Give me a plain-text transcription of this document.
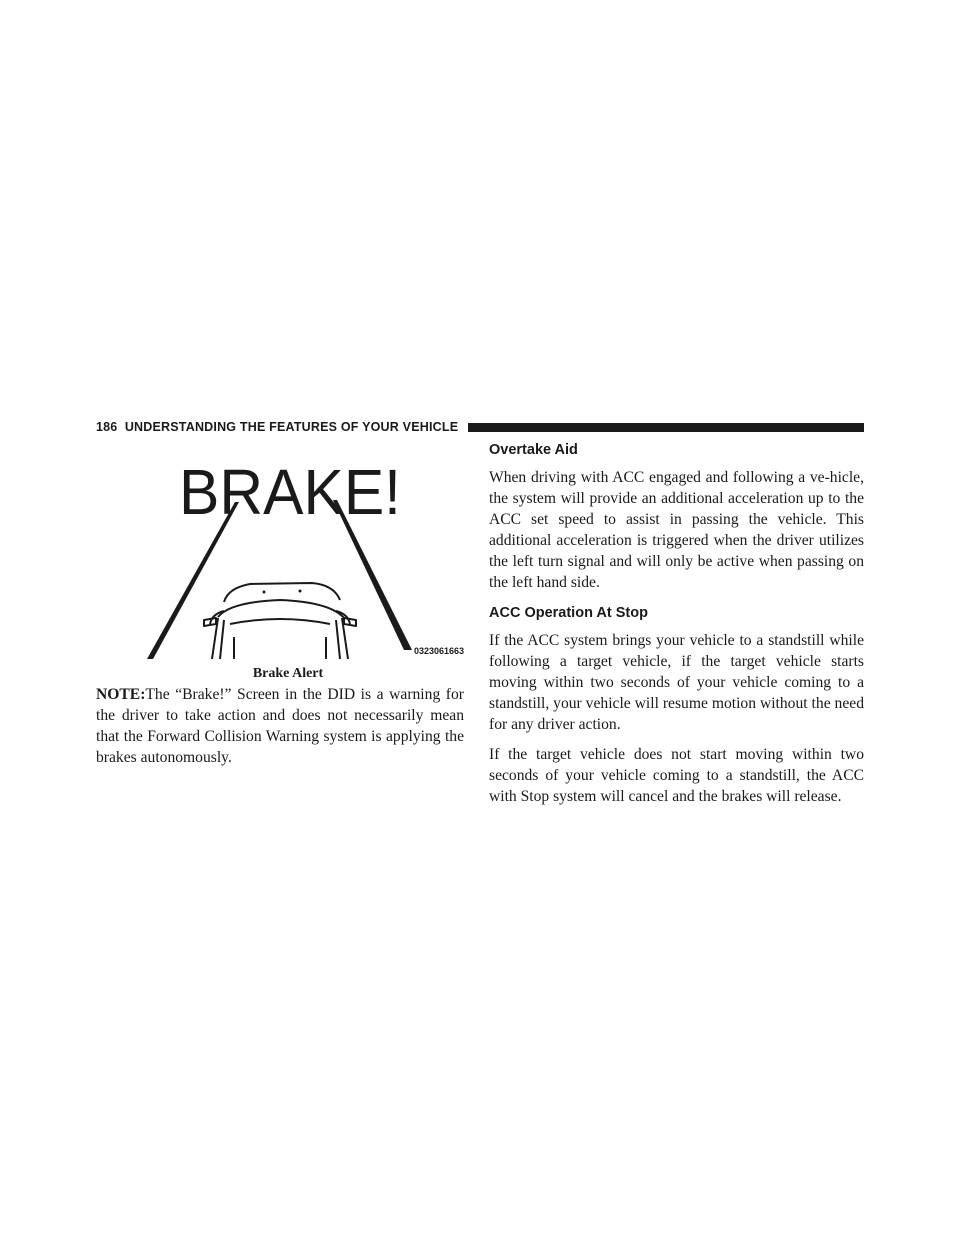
186 UNDERSTANDING THE FEATURES OF YOUR VEHICLE
BRAKE!
0323061663
Brake Alert

NOTE:The “Brake!” Screen in the DID is a warning for the driver to take action and does not necessarily mean that the Forward Collision Warning system is applying the brakes autonomously.

Overtake Aid

When driving with ACC engaged and following a ve-hicle, the system will provide an additional acceleration up to the ACC set speed to assist in passing the vehicle. This additional acceleration is triggered when the driver utilizes the left turn signal and will only be active when passing on the left hand side.

ACC Operation At Stop

If the ACC system brings your vehicle to a standstill while following a target vehicle, if the target vehicle starts moving within two seconds of your vehicle coming to a standstill, your vehicle will resume motion without the need for any driver action.

If the target vehicle does not start moving within two seconds of your vehicle coming to a standstill, the ACC with Stop system will cancel and the brakes will release.
